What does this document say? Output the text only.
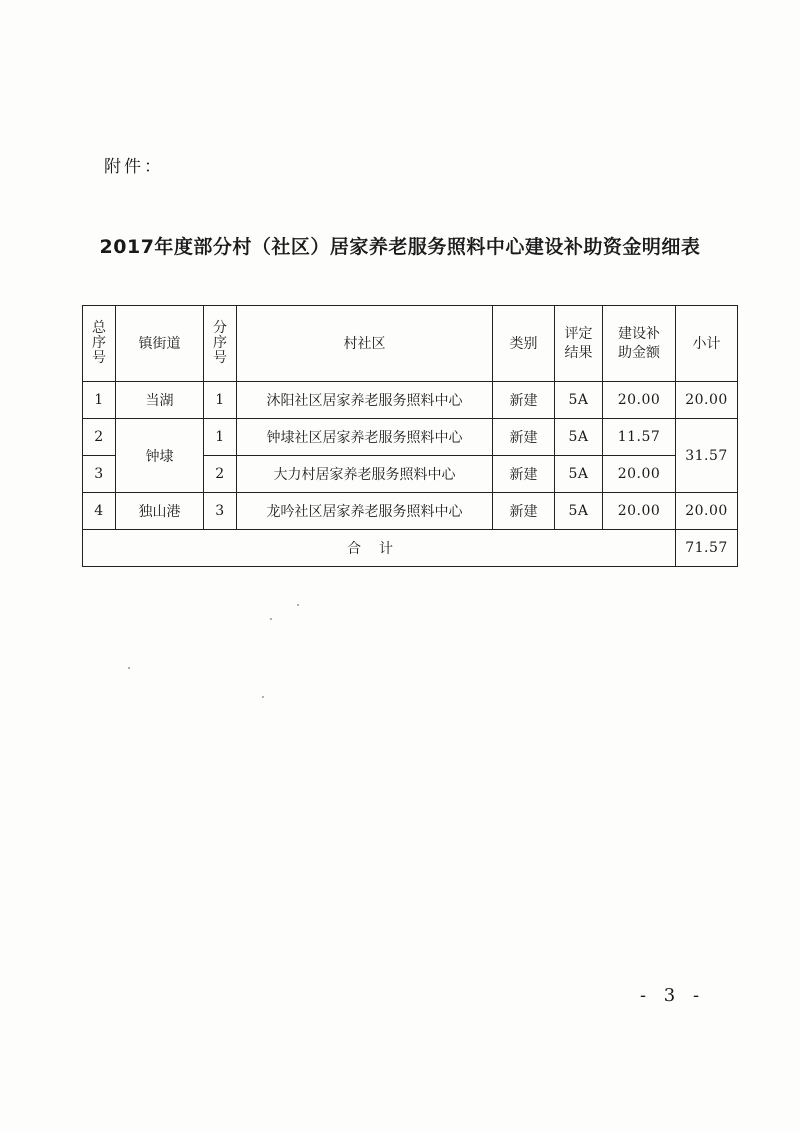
附件：
2017年度部分村（社区）居家养老服务照料中心建设补助资金明细表
总序号	镇街道	分序号	村社区	类别	评定结果	建设补助金额	小计
1	当湖	1	沐阳社区居家养老服务照料中心	新建	5A	20.00	20.00
2	钟埭	1	钟埭社区居家养老服务照料中心	新建	5A	11.57	31.57
3		2	大力村居家养老服务照料中心	新建	5A	20.00	
4	独山港	3	龙吟社区居家养老服务照料中心	新建	5A	20.00	20.00
合计							71.57
- 3 -
